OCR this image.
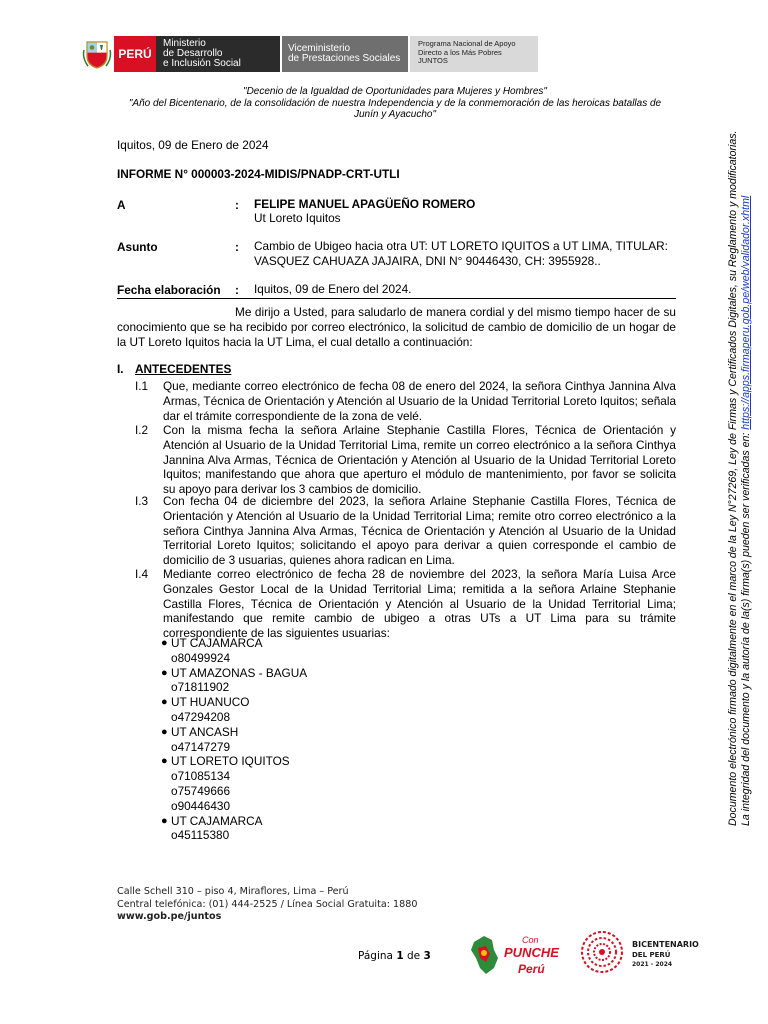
PERÚ
Ministerio
de Desarrollo
e Inclusión Social
Viceministerio
de Prestaciones Sociales
Programa Nacional de Apoyo
Directo a los Más Pobres
JUNTOS
"Decenio de la Igualdad de Oportunidades para Mujeres y Hombres"
"Año del Bicentenario, de la consolidación de nuestra Independencia y de la conmemoración de las heroicas batallas de
Junín y Ayacucho"
Iquitos, 09 de Enero de 2024
INFORME N° 000003-2024-MIDIS/PNADP-CRT-UTLI
A	: FELIPE MANUEL APAGÜEÑO ROMERO
Ut Loreto Iquitos
Asunto	: Cambio de Ubigeo hacia otra UT: UT LORETO IQUITOS a UT LIMA, TITULAR:
VASQUEZ CAHUAZA JAJAIRA, DNI N° 90446430, CH: 3955928..
Fecha elaboración : Iquitos, 09 de Enero del 2024.
Me dirijo a Usted, para saludarlo de manera cordial y del mismo tiempo hacer de su conocimiento que se ha recibido por correo electrónico, la solicitud de cambio de domicilio de un hogar de la UT Loreto Iquitos hacia la UT Lima, el cual detallo a continuación:
I. ANTECEDENTES
I.1 Que, mediante correo electrónico de fecha 08 de enero del 2024, la señora Cinthya Jannina Alva Armas, Técnica de Orientación y Atención al Usuario de la Unidad Territorial Loreto Iquitos; señala dar el trámite correspondiente de la zona de velé.
I.2 Con la misma fecha la señora Arlaine Stephanie Castilla Flores, Técnica de Orientación y Atención al Usuario de la Unidad Territorial Lima, remite un correo electrónico a la señora Cinthya Jannina Alva Armas, Técnica de Orientación y Atención al Usuario de la Unidad Territorial Loreto Iquitos; manifestando que ahora que aperturo el módulo de mantenimiento, por favor se solicita su apoyo para derivar los 3 cambios de domicilio.
I.3 Con fecha 04 de diciembre del 2023, la señora Arlaine Stephanie Castilla Flores, Técnica de Orientación y Atención al Usuario de la Unidad Territorial Lima; remite otro correo electrónico a la señora Cinthya Jannina Alva Armas, Técnica de Orientación y Atención al Usuario de la Unidad Territorial Loreto Iquitos; solicitando el apoyo para derivar a quien corresponde el cambio de domicilio de 3 usuarias, quienes ahora radican en Lima.
I.4 Mediante correo electrónico de fecha 28 de noviembre del 2023, la señora María Luisa Arce Gonzales Gestor Local de la Unidad Territorial Lima; remitida a la señora Arlaine Stephanie Castilla Flores, Técnica de Orientación y Atención al Usuario de la Unidad Territorial Lima; manifestando que remite cambio de ubigeo a otras UTs a UT Lima para su trámite correspondiente de las siguientes usuarias:
● UT CAJAMARCA
o80499924
● UT AMAZONAS - BAGUA
o71811902
● UT HUANUCO
o47294208
● UT ANCASH
o47147279
● UT LORETO IQUITOS
o71085134
o75749666
o90446430
● UT CAJAMARCA
o45115380
Documento electrónico firmado digitalmente en el marco de la Ley N°27269, Ley de Firmas y Certificados Digitales, su Reglamento y modificatorias. La integridad del documento y la autoría de la(s) firma(s) pueden ser verificadas en: https://apps.firmaperu.gob.pe/web/validador.xhtml
Calle Schell 310 – piso 4, Miraflores, Lima – Perú
Central telefónica: (01) 444-2525 / Línea Social Gratuita: 1880
www.gob.pe/juntos
Página 1 de 3
Con
PUNCHE
Perú
BICENTENARIO
DEL PERÚ
2021 - 2024
